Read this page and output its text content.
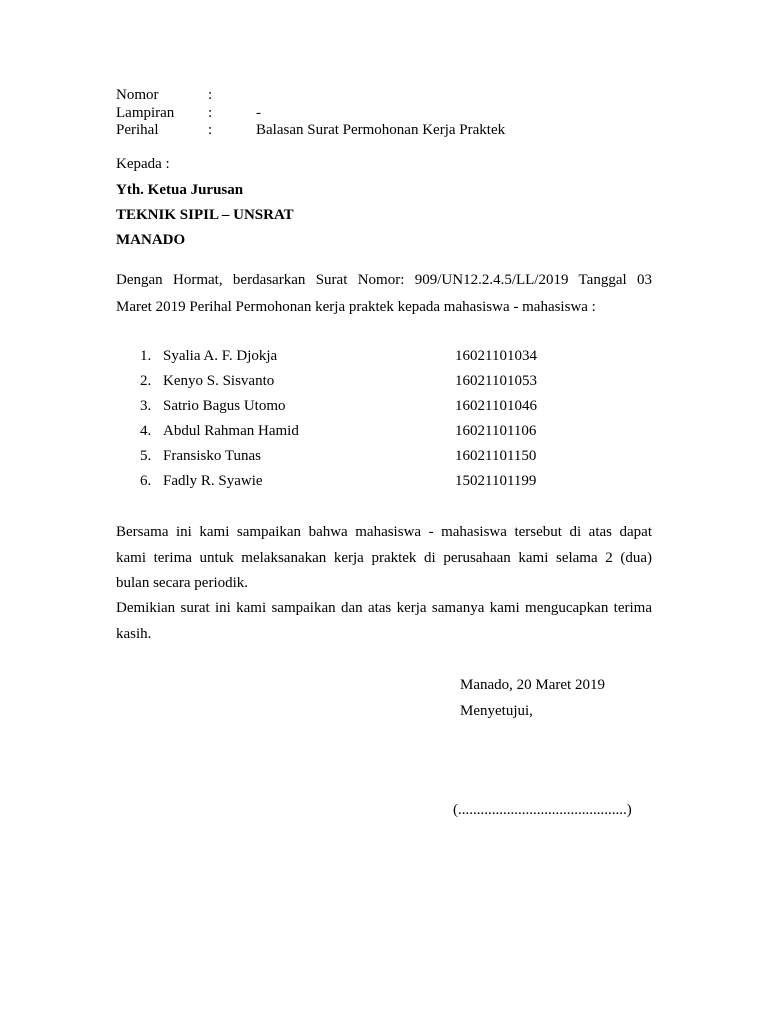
Nomor	:
Lampiran :	-
Perihal	:	Balasan Surat Permohonan Kerja Praktek
Kepada :
Yth. Ketua Jurusan
TEKNIK SIPIL – UNSRAT
MANADO
Dengan Hormat, berdasarkan Surat Nomor: 909/UN12.2.4.5/LL/2019 Tanggal 03
Maret 2019 Perihal Permohonan kerja praktek kepada mahasiswa - mahasiswa :
1. Syalia A. F. Djokja	16021101034
2. Kenyo S. Sisvanto	16021101053
3. Satrio Bagus Utomo	16021101046
4. Abdul Rahman Hamid	16021101106
5. Fransisko Tunas	16021101150
6. Fadly R. Syawie	15021101199
Bersama ini kami sampaikan bahwa mahasiswa - mahasiswa tersebut di atas dapat
kami terima untuk melaksanakan kerja praktek di perusahaan kami selama 2 (dua)
bulan secara periodik.
Demikian surat ini kami sampaikan dan atas kerja samanya kami mengucapkan terima
kasih.
Manado, 20 Maret 2019
Menyetujui,
(.............................................)
